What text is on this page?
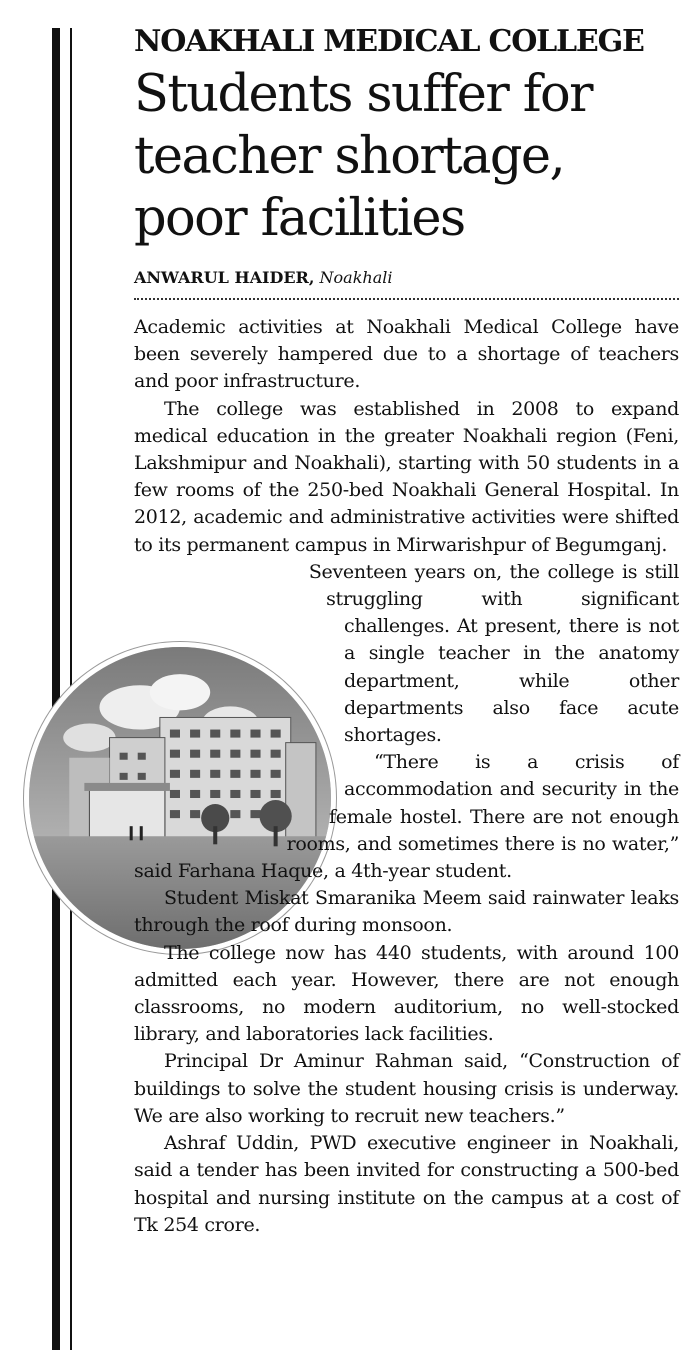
NOAKHALI MEDICAL COLLEGE
Students suffer for teacher shortage, poor facilities
ANWARUL HAIDER, Noakhali

Academic activities at Noakhali Medical College have been severely hampered due to a shortage of teachers and poor infrastructure.

The college was established in 2008 to expand medical education in the greater Noakhali region (Feni, Lakshmipur and Noakhali), starting with 50 students in a few rooms of the 250-bed Noakhali General Hospital. In 2012, academic and administrative activities were shifted to its permanent campus in Mirwarishpur of Begumganj.

Seventeen years on, the college is still struggling with significant challenges. At present, there is not a single teacher in the anatomy department, while other departments also face acute shortages.

“There is a crisis of accommodation and security in the female hostel. There are not enough rooms, and sometimes there is no water,” said Farhana Haque, a 4th-year student.

Student Miskat Smaranika Meem said rainwater leaks through the roof during monsoon.

The college now has 440 students, with around 100 admitted each year. However, there are not enough classrooms, no modern auditorium, no well-stocked library, and laboratories lack facilities.

Principal Dr Aminur Rahman said, “Construction of buildings to solve the student housing crisis is underway. We are also working to recruit new teachers.”

Ashraf Uddin, PWD executive engineer in Noakhali, said a tender has been invited for constructing a 500-bed hospital and nursing institute on the campus at a cost of Tk 254 crore.
